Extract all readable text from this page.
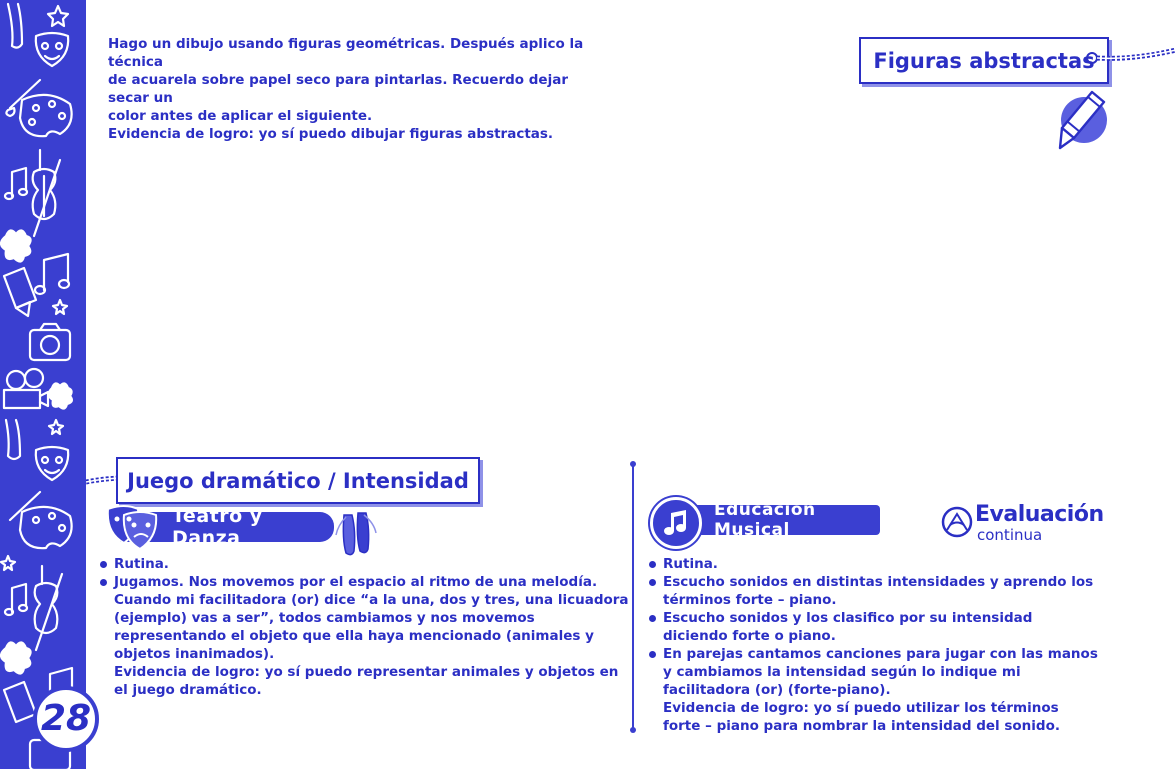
28

Hago un dibujo usando figuras geométricas. Después aplico la técnica

de acuarela sobre papel seco para pintarlas. Recuerdo dejar secar un

color antes de aplicar el siguiente.

Evidencia de logro: yo sí puedo dibujar figuras abstractas.

Figuras abstractas
Juego dramático / Intensidad
Teatro y Danza
Rutina.
Jugamos. Nos movemos por el espacio al ritmo de una melodía. Cuando mi facilitadora (or) dice “a la una, dos y tres, una licuadora (ejemplo) vas a ser”, todos cambiamos y nos movemos representando el objeto que ella haya mencionado (animales y objetos inanimados).
Evidencia de logro: yo sí puedo representar animales y objetos en el juego dramático.
Educación Musical
Evaluación
continua
Rutina.
Escucho sonidos en distintas intensidades y aprendo los términos forte – piano.
Escucho sonidos y los clasifico por su intensidad diciendo forte o piano.
En parejas cantamos canciones para jugar con las manos y cambiamos la intensidad según lo indique mi facilitadora (or) (forte-piano).
Evidencia de logro: yo sí puedo utilizar los términos forte – piano para nombrar la intensidad del sonido.
